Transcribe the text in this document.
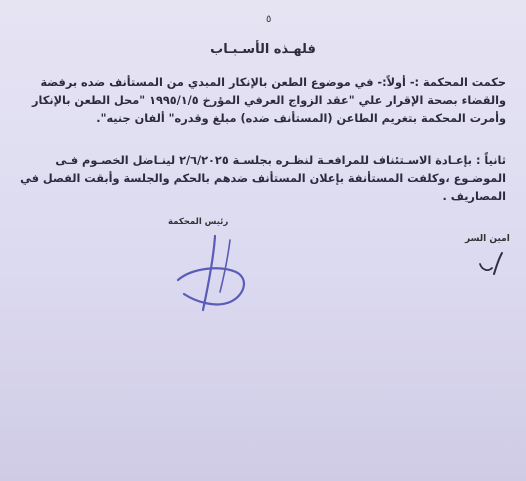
٥
فلهـذه الأسـبـاب
حكمت المحكمة :- أولاً:- في موضوع الطعن بالإنكار المبدي من المستأنف ضده برفضة
والقضاء بصحة الإقرار علي "عقد الزواج العرفي المؤرخ ١٩٩٥/١/٥ "محل الطعن بالإنكار
وأمرت المحكمة بتغريم الطاعن (المستأنف ضده) مبلغ وقدره" ألفان جنيه".
ثانياً : بإعـادة الاسـتئناف للمرافعـة لنظـره بجلسـة ٢/٦/٢٠٢٥ لينـاضل الخصـوم فـى
الموضـوع ،وكلفت المستأنفة بإعلان المستأنف ضدهم بالحكم والجلسة وأبقت الفصل في
المصاريف .
رئيس المحكمة
امين السر
